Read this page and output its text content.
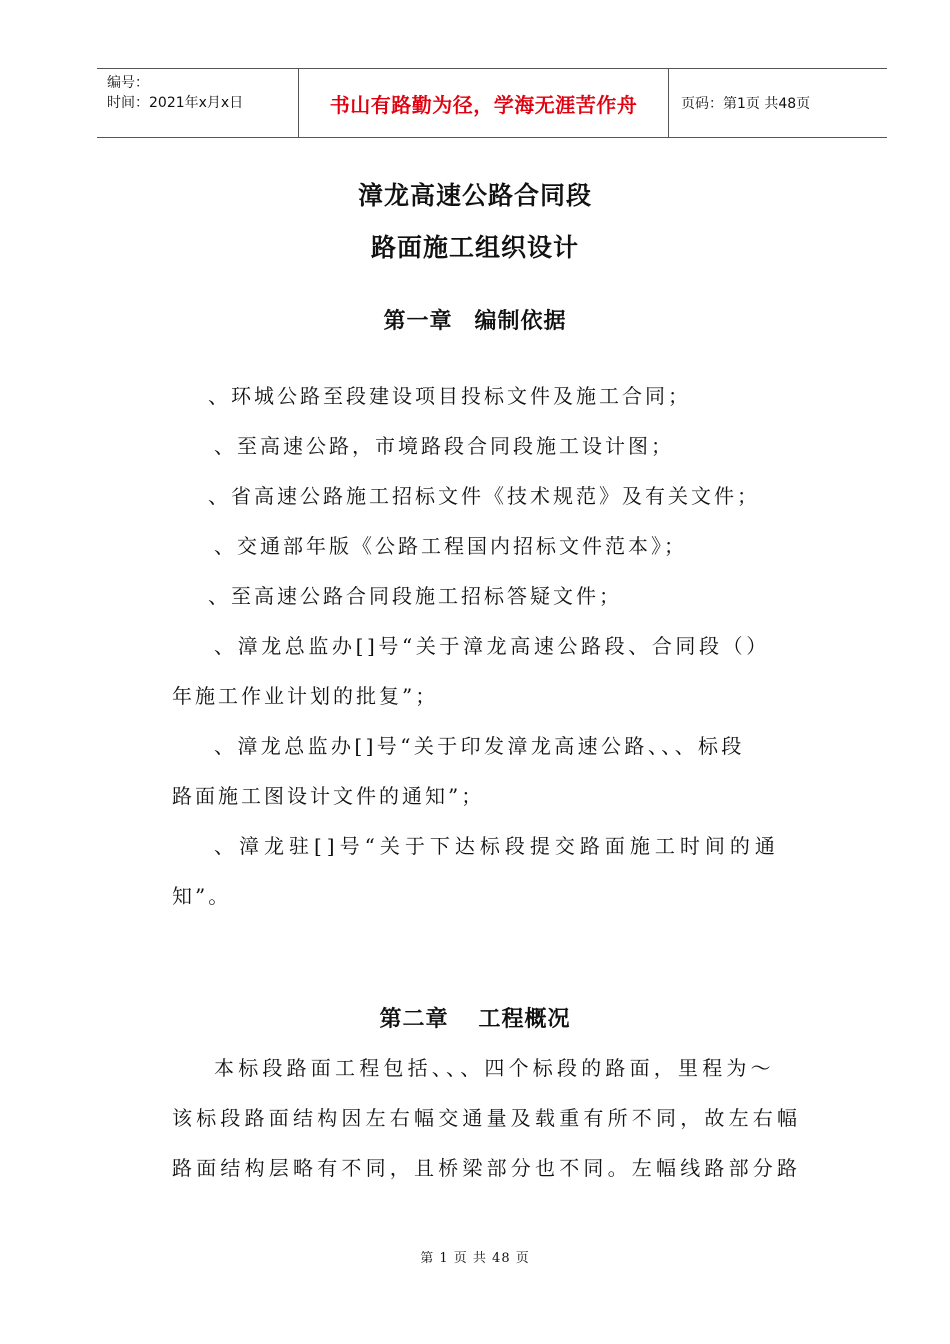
编号：
时间：2021年x月x日	书山有路勤为径，学海无涯苦作舟	页码：第1页 共48页
漳龙高速公路合同段
路面施工组织设计
第一章 编制依据
、环城公路至段建设项目投标文件及施工合同；
、至高速公路，市境路段合同段施工设计图；
、省高速公路施工招标文件《技术规范》及有关文件；
、交通部年版《公路工程国内招标文件范本》；
、至高速公路合同段施工招标答疑文件；
、漳龙总监办[]号“关于漳龙高速公路段、合同段（）
年施工作业计划的批复”；
、漳龙总监办[]号“关于印发漳龙高速公路、、、标段
路面施工图设计文件的通知”；
、漳龙驻[]号“关于下达标段提交路面施工时间的通
知”。
第二章 工程概况
本标段路面工程包括、、、四个标段的路面，里程为～
该标段路面结构因左右幅交通量及载重有所不同，故左右幅
路面结构层略有不同，且桥梁部分也不同。左幅线路部分路
第 1 页 共 48 页
